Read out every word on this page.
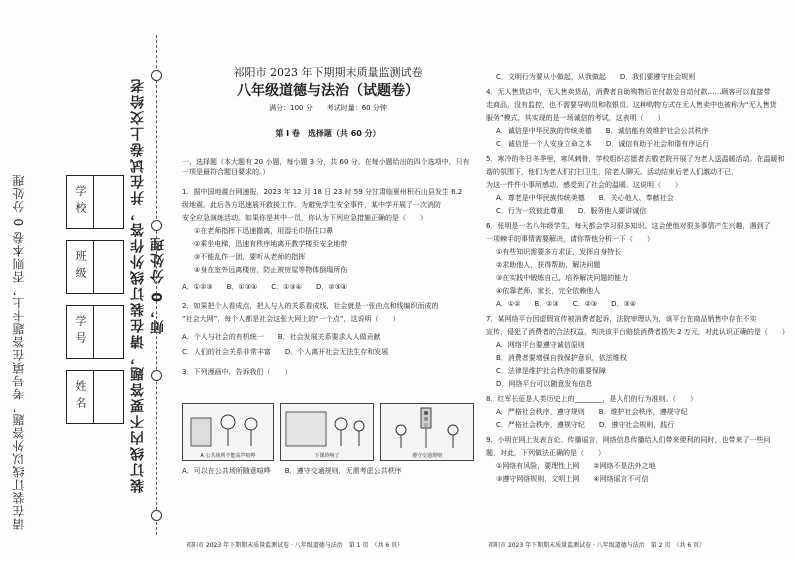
装订线内不要答题，请在装订线外作答，并在试卷上交给老师，0 分处理
请在装订线以外答题，考号填在答题卡上，否则本卷 0 分处理	学校
班级
学号
姓名
祁阳市 2023 年下期期末质量监测试卷
八年级道德与法治（试题卷）
满分：100 分　　考试时量：60 分钟
第 I 卷　选择题（共 60 分）
一、选择题（本大题有 20 小题，每小题 3 分，共 60 分。在每小题给出的四个选项中，只有
一项是最符合题目要求的。）
1．据中国地震台网速报，2023 年 12 月 18 日 23 时 59 分甘肃临夏州积石山县发生 6.2
级地震。此后各方迅速展开救援工作。为避免学生安全事件，某中学开展了一次消防
安全应急演练活动。如果你是其中一员，你认为下列应急措施正确的是（　　）
①在老师指挥下迅速撤离，用湿毛巾捂住口鼻
②乘坐电梯，迅速有秩序地离开教学楼至安全地带
③不能乱作一团，要听从老师的指挥
④身在室外远离楼房，防止被房屋等物体倒塌所伤
A．①②③　　B．①③④　　C．①③④　　D．②③④
2．如果把个人看成点，把人与人的关系看成线，社会就是一张由点和线编织而成的
“社会大网”，每个人都是社会这张大网上的“一个点”，这说明（　　）
A．个人与社会的有机统一　　B．社会发展关系要求人人做贡献
C．人们的社会关系非常丰富　　D．个人离开社会无法生存和发展
3．下列漫画中，告诉我们（　　）
A 公共场所不能高声喧哗	下课铃响了	遵守交通规则
A．可以在公共场所随意喧哗　　B．遵守交通规则，无需考虑公共秩序
C．文明行为要从小做起，从我做起　　D．我们要遵守社会规则
4．无人售货店中，无人售卖货品，消费者自助购物后在付款处自动付款……顾客可以直接带
走商品，没有监控，也不需要导购员和收银员。这种购物方式在无人售卖中也被称为“无人售货
服务”模式，其实现的是一场诚信的考试，这表明（　　）
A．诚信是中华民族的传统美德　　B．诚信能有效维护社会公共秩序
C．诚信是一个人安身立命之本　　D．诚信有助于社会和谐有序运行
5．寒冷的冬日冬季里，寒风刺骨，学校组织志愿者去敬老院开展了为老人送温暖活动。在温暖和
谐的氛围下，他们为老人们打扫卫生，陪老人聊天。活动结束后老人们激动不已，
为这一件件小事所感动，感受到了社会的温暖。这说明（　　）
A．尊老是中华民族传统美德　　B．关心他人、奉献社会
C．行为一致彼此尊重　　D．服务他人要讲诚信
6．张明是一名八年级学生，每天都会学习很多知识。这会使他对很多事情产生兴趣，遇到了
一项棘手的事情需要解决，请你帮他分析一下（　　）
①有些知识需要多方求证，发挥自身特长
②求助他人，获得帮助，解决问题
③在实践中锻炼自己，培养解决问题的能力
④依靠老师，家长，完全依赖他人
A．①②　　B．①③　　C．②③　　D．③④
7．某网络平台因虚假宣传被消费者起诉，法院审理认为，该平台在商品销售中存在不实
宣传，侵犯了消费者的合法权益，判决该平台赔偿消费者损失 2 万元，对此认识正确的是（　　）
A．网络平台要遵守诚信原则
B．消费者要增强自我保护意识，依法维权
C．法律是维护社会秩序的重要保障
D．网络平台可以随意发布信息
8．红军长征是人类历史上的________，是人们的行为准则。（　　）
A．严格社会秩序，遵守规则　　B．维护社会秩序，遵规守纪
C．严格社会秩序，遵规守纪　　D．遵守社会规则，践行
9．小明在网上发表言论、传播谣言，网络信息传播给人们带来便利的同时，也带来了一些问
题，对此，下列做法正确的是（　　）
①网络有风险，要理性上网　　②网络不是法外之地
③遵守网络规则，文明上网　　④网络谣言不可信
祁阳市 2023 年下期期末质量监测试卷 · 八年级道德与法治　第 1 页　（共 6 页）	祁阳市 2023 年下期期末质量监测试卷 · 八年级道德与法治　第 2 页　（共 6 页）
